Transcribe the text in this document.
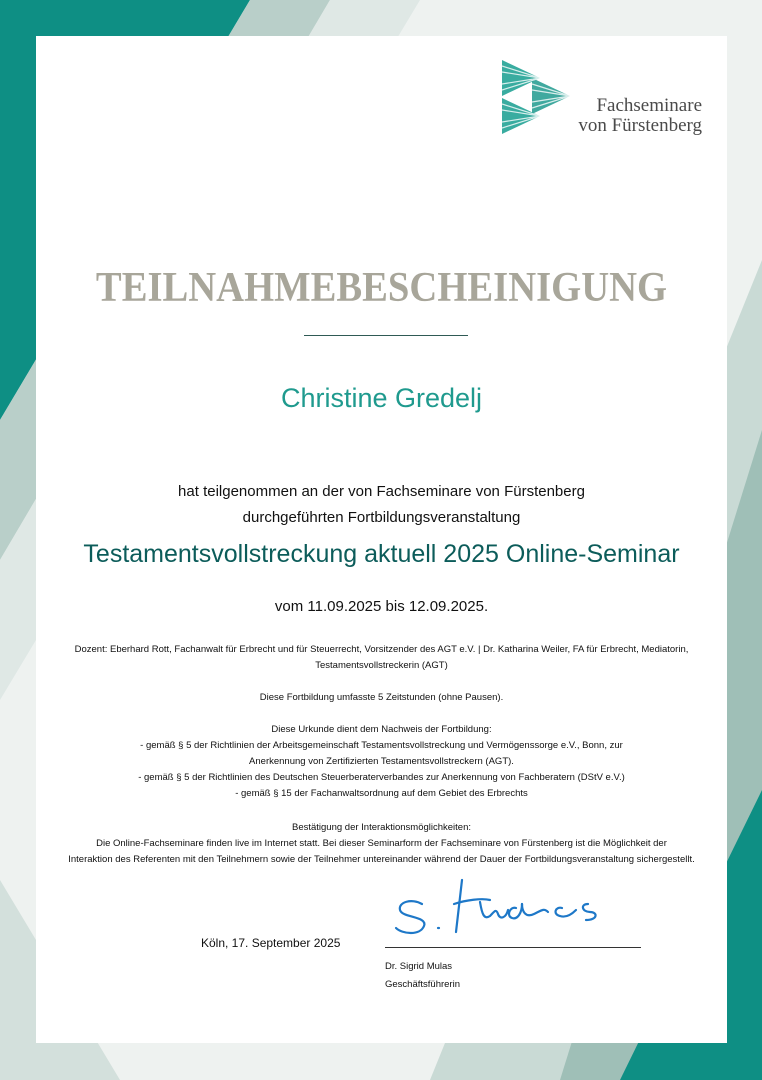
Fachseminare
von Fürstenberg
TEILNAHMEBESCHEINIGUNG
Christine Gredelj
hat teilgenommen an der von Fachseminare von Fürstenberg
durchgeführten Fortbildungsveranstaltung
Testamentsvollstreckung aktuell 2025 Online-Seminar
vom 11.09.2025 bis 12.09.2025.
Dozent: Eberhard Rott, Fachanwalt für Erbrecht und für Steuerrecht, Vorsitzender des AGT e.V. | Dr. Katharina Weiler, FA für Erbrecht, Mediatorin,
Testamentsvollstreckerin (AGT)
Diese Fortbildung umfasste 5 Zeitstunden (ohne Pausen).
Diese Urkunde dient dem Nachweis der Fortbildung:
- gemäß § 5 der Richtlinien der Arbeitsgemeinschaft Testamentsvollstreckung und Vermögenssorge e.V., Bonn, zur
Anerkennung von Zertifizierten Testamentsvollstreckern (AGT).
- gemäß § 5 der Richtlinien des Deutschen Steuerberaterverbandes zur Anerkennung von Fachberatern (DStV e.V.)
- gemäß § 15 der Fachanwaltsordnung auf dem Gebiet des Erbrechts
Bestätigung der Interaktionsmöglichkeiten:
Die Online-Fachseminare finden live im Internet statt. Bei dieser Seminarform der Fachseminare von Fürstenberg ist die Möglichkeit der
Interaktion des Referenten mit den Teilnehmern sowie der Teilnehmer untereinander während der Dauer der Fortbildungsveranstaltung sichergestellt.
Köln, 17. September 2025
Dr. Sigrid Mulas
Geschäftsführerin
